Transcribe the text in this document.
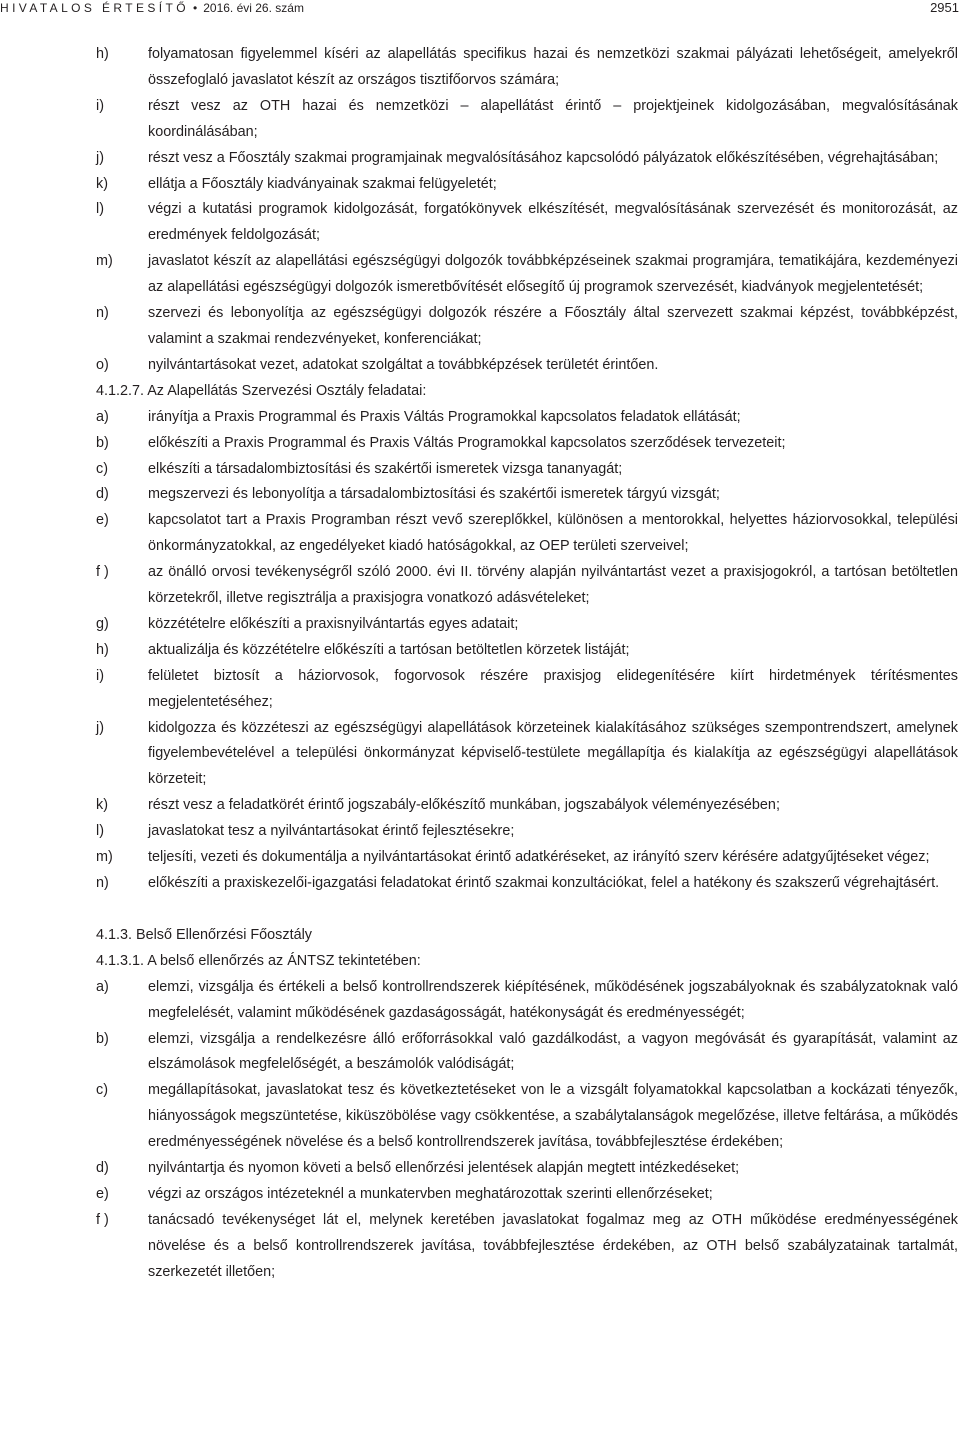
HIVATALOS ÉRTESÍTŐ • 2016. évi 26. szám	2951
h)	folyamatosan figyelemmel kíséri az alapellátás specifikus hazai és nemzetközi szakmai pályázati lehetőségeit, amelyekről összefoglaló javaslatot készít az országos tisztifőorvos számára;
i)	részt vesz az OTH hazai és nemzetközi – alapellátást érintő – projektjeinek kidolgozásában, megvalósításának koordinálásában;
j)	részt vesz a Főosztály szakmai programjainak megvalósításához kapcsolódó pályázatok előkészítésében, végrehajtásában;
k)	ellátja a Főosztály kiadványainak szakmai felügyeletét;
l)	végzi a kutatási programok kidolgozását, forgatókönyvek elkészítését, megvalósításának szervezését és monitorozását, az eredmények feldolgozását;
m)	javaslatot készít az alapellátási egészségügyi dolgozók továbbképzéseinek szakmai programjára, tematikájára, kezdeményezi az alapellátási egészségügyi dolgozók ismeretbővítését elősegítő új programok szervezését, kiadványok megjelentetését;
n)	szervezi és lebonyolítja az egészségügyi dolgozók részére a Főosztály által szervezett szakmai képzést, továbbképzést, valamint a szakmai rendezvényeket, konferenciákat;
o)	nyilvántartásokat vezet, adatokat szolgáltat a továbbképzések területét érintően.
4.1.2.7. Az Alapellátás Szervezési Osztály feladatai:
a)	irányítja a Praxis Programmal és Praxis Váltás Programokkal kapcsolatos feladatok ellátását;
b)	előkészíti a Praxis Programmal és Praxis Váltás Programokkal kapcsolatos szerződések tervezeteit;
c)	elkészíti a társadalombiztosítási és szakértői ismeretek vizsga tananyagát;
d)	megszervezi és lebonyolítja a társadalombiztosítási és szakértői ismeretek tárgyú vizsgát;
e)	kapcsolatot tart a Praxis Programban részt vevő szereplőkkel, különösen a mentorokkal, helyettes háziorvosokkal, települési önkormányzatokkal, az engedélyeket kiadó hatóságokkal, az OEP területi szerveivel;
f )	az önálló orvosi tevékenységről szóló 2000. évi II. törvény alapján nyilvántartást vezet a praxisjogokról, a tartósan betöltetlen körzetekről, illetve regisztrálja a praxisjogra vonatkozó adásvételeket;
g)	közzétételre előkészíti a praxisnyilvántartás egyes adatait;
h)	aktualizálja és közzétételre előkészíti a tartósan betöltetlen körzetek listáját;
i)	felületet biztosít a háziorvosok, fogorvosok részére praxisjog elidegenítésére kiírt hirdetmények térítésmentes megjelentetéséhez;
j)	kidolgozza és közzéteszi az egészségügyi alapellátások körzeteinek kialakításához szükséges szempontrendszert, amelynek figyelembevételével a települési önkormányzat képviselő-testülete megállapítja és kialakítja az egészségügyi alapellátások körzeteit;
k)	részt vesz a feladatkörét érintő jogszabály-előkészítő munkában, jogszabályok véleményezésében;
l)	javaslatokat tesz a nyilvántartásokat érintő fejlesztésekre;
m)	teljesíti, vezeti és dokumentálja a nyilvántartásokat érintő adatkéréseket, az irányító szerv kérésére adatgyűjtéseket végez;
n)	előkészíti a praxiskezelői-igazgatási feladatokat érintő szakmai konzultációkat, felel a hatékony és szakszerű végrehajtásért.
4.1.3. Belső Ellenőrzési Főosztály
4.1.3.1. A belső ellenőrzés az ÁNTSZ tekintetében:
a)	elemzi, vizsgálja és értékeli a belső kontrollrendszerek kiépítésének, működésének jogszabályoknak és szabályzatoknak való megfelelését, valamint működésének gazdaságosságát, hatékonyságát és eredményességét;
b)	elemzi, vizsgálja a rendelkezésre álló erőforrásokkal való gazdálkodást, a vagyon megóvását és gyarapítását, valamint az elszámolások megfelelőségét, a beszámolók valódiságát;
c)	megállapításokat, javaslatokat tesz és következtetéseket von le a vizsgált folyamatokkal kapcsolatban a kockázati tényezők, hiányosságok megszüntetése, kiküszöbölése vagy csökkentése, a szabálytalanságok megelőzése, illetve feltárása, a működés eredményességének növelése és a belső kontrollrendszerek javítása, továbbfejlesztése érdekében;
d)	nyilvántartja és nyomon követi a belső ellenőrzési jelentések alapján megtett intézkedéseket;
e)	végzi az országos intézeteknél a munkatervben meghatározottak szerinti ellenőrzéseket;
f )	tanácsadó tevékenységet lát el, melynek keretében javaslatokat fogalmaz meg az OTH működése eredményességének növelése és a belső kontrollrendszerek javítása, továbbfejlesztése érdekében, az OTH belső szabályzatainak tartalmát, szerkezetét illetően;
